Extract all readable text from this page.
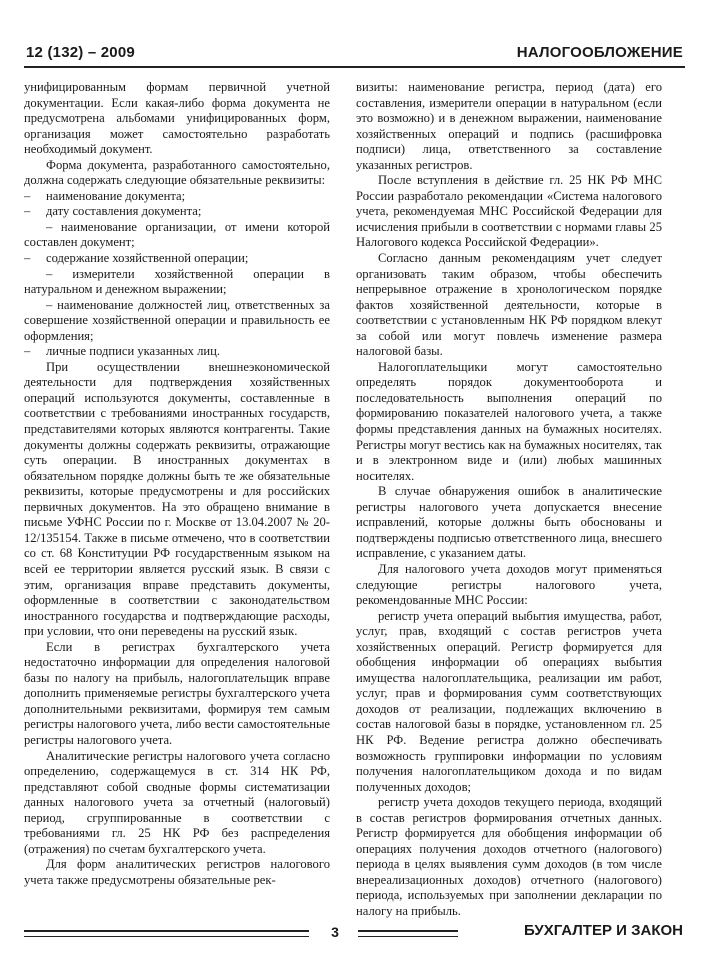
12 (132) – 2009	НАЛОГООБЛОЖЕНИЕ

унифицированным формам первичной учетной документации. Если какая-либо форма документа не предусмотрена альбомами унифицированных форм, организация может самостоятельно разработать необходимый документ.

Форма документа, разработанного самостоятельно, должна содержать следующие обязательные реквизиты:

– наименование документа;

– дату составления документа;

– наименование организации, от имени которой составлен документ;

– содержание хозяйственной операции;

– измерители хозяйственной операции в натуральном и денежном выражении;

– наименование должностей лиц, ответственных за совершение хозяйственной операции и правильность ее оформления;

– личные подписи указанных лиц.

При осуществлении внешнеэкономической деятельности для подтверждения хозяйственных операций используются документы, составленные в соответствии с требованиями иностранных государств, представителями которых являются контрагенты. Такие документы должны содержать реквизиты, отражающие суть операции. В иностранных документах в обязательном порядке должны быть те же обязательные реквизиты, которые предусмотрены и для российских первичных документов. На это обращено внимание в письме УФНС России по г. Москве от 13.04.2007 № 20-12/135154. Также в письме отмечено, что в соответствии со ст. 68 Конституции РФ государственным языком на всей ее территории является русский язык. В связи с этим, организация вправе представить документы, оформленные в соответствии с законодательством иностранного государства и подтверждающие расходы, при условии, что они переведены на русский язык.

Если в регистрах бухгалтерского учета недостаточно информации для определения налоговой базы по налогу на прибыль, налогоплательщик вправе дополнить применяемые регистры бухгалтерского учета дополнительными реквизитами, формируя тем самым регистры налогового учета, либо вести самостоятельные регистры налогового учета.

Аналитические регистры налогового учета согласно определению, содержащемуся в ст. 314 НК РФ, представляют собой сводные формы систематизации данных налогового учета за отчетный (налоговый) период, сгруппированные в соответствии с требованиями гл. 25 НК РФ без распределения (отражения) по счетам бухгалтерского учета.

Для форм аналитических регистров налогового учета также предусмотрены обязательные рек-

визиты: наименование регистра, период (дата) его составления, измерители операции в натуральном (если это возможно) и в денежном выражении, наименование хозяйственных операций и подпись (расшифровка подписи) лица, ответственного за составление указанных регистров.

После вступления в действие гл. 25 НК РФ МНС России разработало рекомендации «Система налогового учета, рекомендуемая МНС Российской Федерации для исчисления прибыли в соответствии с нормами главы 25 Налогового кодекса Российской Федерации».

Согласно данным рекомендациям учет следует организовать таким образом, чтобы обеспечить непрерывное отражение в хронологическом порядке фактов хозяйственной деятельности, которые в соответствии с установленным НК РФ порядком влекут за собой или могут повлечь изменение размера налоговой базы.

Налогоплательщики могут самостоятельно определять порядок документооборота и последовательность выполнения операций по формированию показателей налогового учета, а также формы представления данных на бумажных носителях. Регистры могут вестись как на бумажных носителях, так и в электронном виде и (или) любых машинных носителях.

В случае обнаружения ошибок в аналитические регистры налогового учета допускается внесение исправлений, которые должны быть обоснованы и подтверждены подписью ответственного лица, внесшего исправление, с указанием даты.

Для налогового учета доходов могут применяться следующие регистры налогового учета, рекомендованные МНС России:

регистр учета операций выбытия имущества, работ, услуг, прав, входящий с состав регистров учета хозяйственных операций. Регистр формируется для обобщения информации об операциях выбытия имущества налогоплательщика, реализации им работ, услуг, прав и формирования сумм соответствующих доходов от реализации, подлежащих включению в состав налоговой базы в порядке, установленном гл. 25 НК РФ. Ведение регистра должно обеспечивать возможность группировки информации по условиям получения налогоплательщиком дохода и по видам полученных доходов;

регистр учета доходов текущего периода, входящий в состав регистров формирования отчетных данных. Регистр формируется для обобщения информации об операциях получения доходов отчетного (налогового) периода в целях выявления сумм доходов (в том числе внереализационных доходов) отчетного (налогового) периода, используемых при заполнении декларации по налогу на прибыль.

3	БУХГАЛТЕР И ЗАКОН
